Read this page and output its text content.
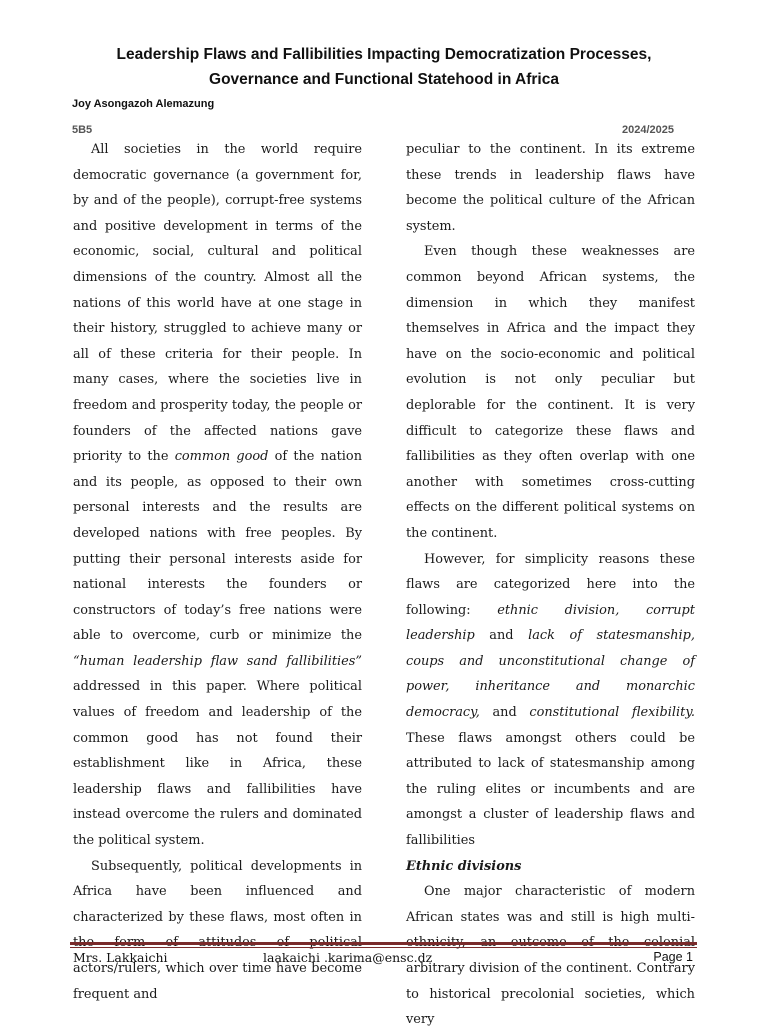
Leadership Flaws and Fallibilities Impacting Democratization Processes,
Governance and Functional Statehood in Africa
Joy Asongazoh Alemazung
5B5	2024/2025

All societies in the world require democratic governance (a government for, by and of the people), corrupt-free systems and positive development in terms of the economic, social, cultural and political dimensions of the country. Almost all the nations of this world have at one stage in their history, struggled to achieve many or all of these criteria for their people. In many cases, where the societies live in freedom and prosperity today, the people or founders of the affected nations gave priority to the common good of the nation and its people, as opposed to their own personal interests and the results are developed nations with free peoples. By putting their personal interests aside for national interests the founders or constructors of today’s free nations were able to overcome, curb or minimize the “human leadership flaw sand fallibilities” addressed in this paper. Where political values of freedom and leadership of the common good has not found their establishment like in Africa, these leadership flaws and fallibilities have instead overcome the rulers and dominated the political system.

Subsequently, political developments in Africa have been influenced and characterized by these flaws, most often in actors/rulers, which over time have become frequent and

peculiar to the continent. In its extreme these trends in leadership flaws have become the political culture of the African system.

Even though these weaknesses are common beyond African systems, the dimension in which they manifest themselves in Africa and the impact they have on the socio-economic and political evolution is not only peculiar but deplorable for the continent. It is very difficult to categorize these flaws and fallibilities as they often overlap with one another with sometimes cross-cutting effects on the different political systems on the continent.

However, for simplicity reasons these flaws are categorized here into the following: ethnic division, corrupt leadership and lack of statesmanship, coups and unconstitutional change of power, inheritance and monarchic democracy, and constitutional flexibility. These flaws amongst others could be attributed to lack of statesmanship among the ruling elites or incumbents and are amongst a cluster of leadership flaws and fallibilities

Ethnic divisions

One major characteristic of modern African states was and still is high multi- arbitrary division of the continent. Contrary to historical precolonial societies, which very

Mrs. Lakkaichi	laakaichi .karima@ensc.dz	Page 1
